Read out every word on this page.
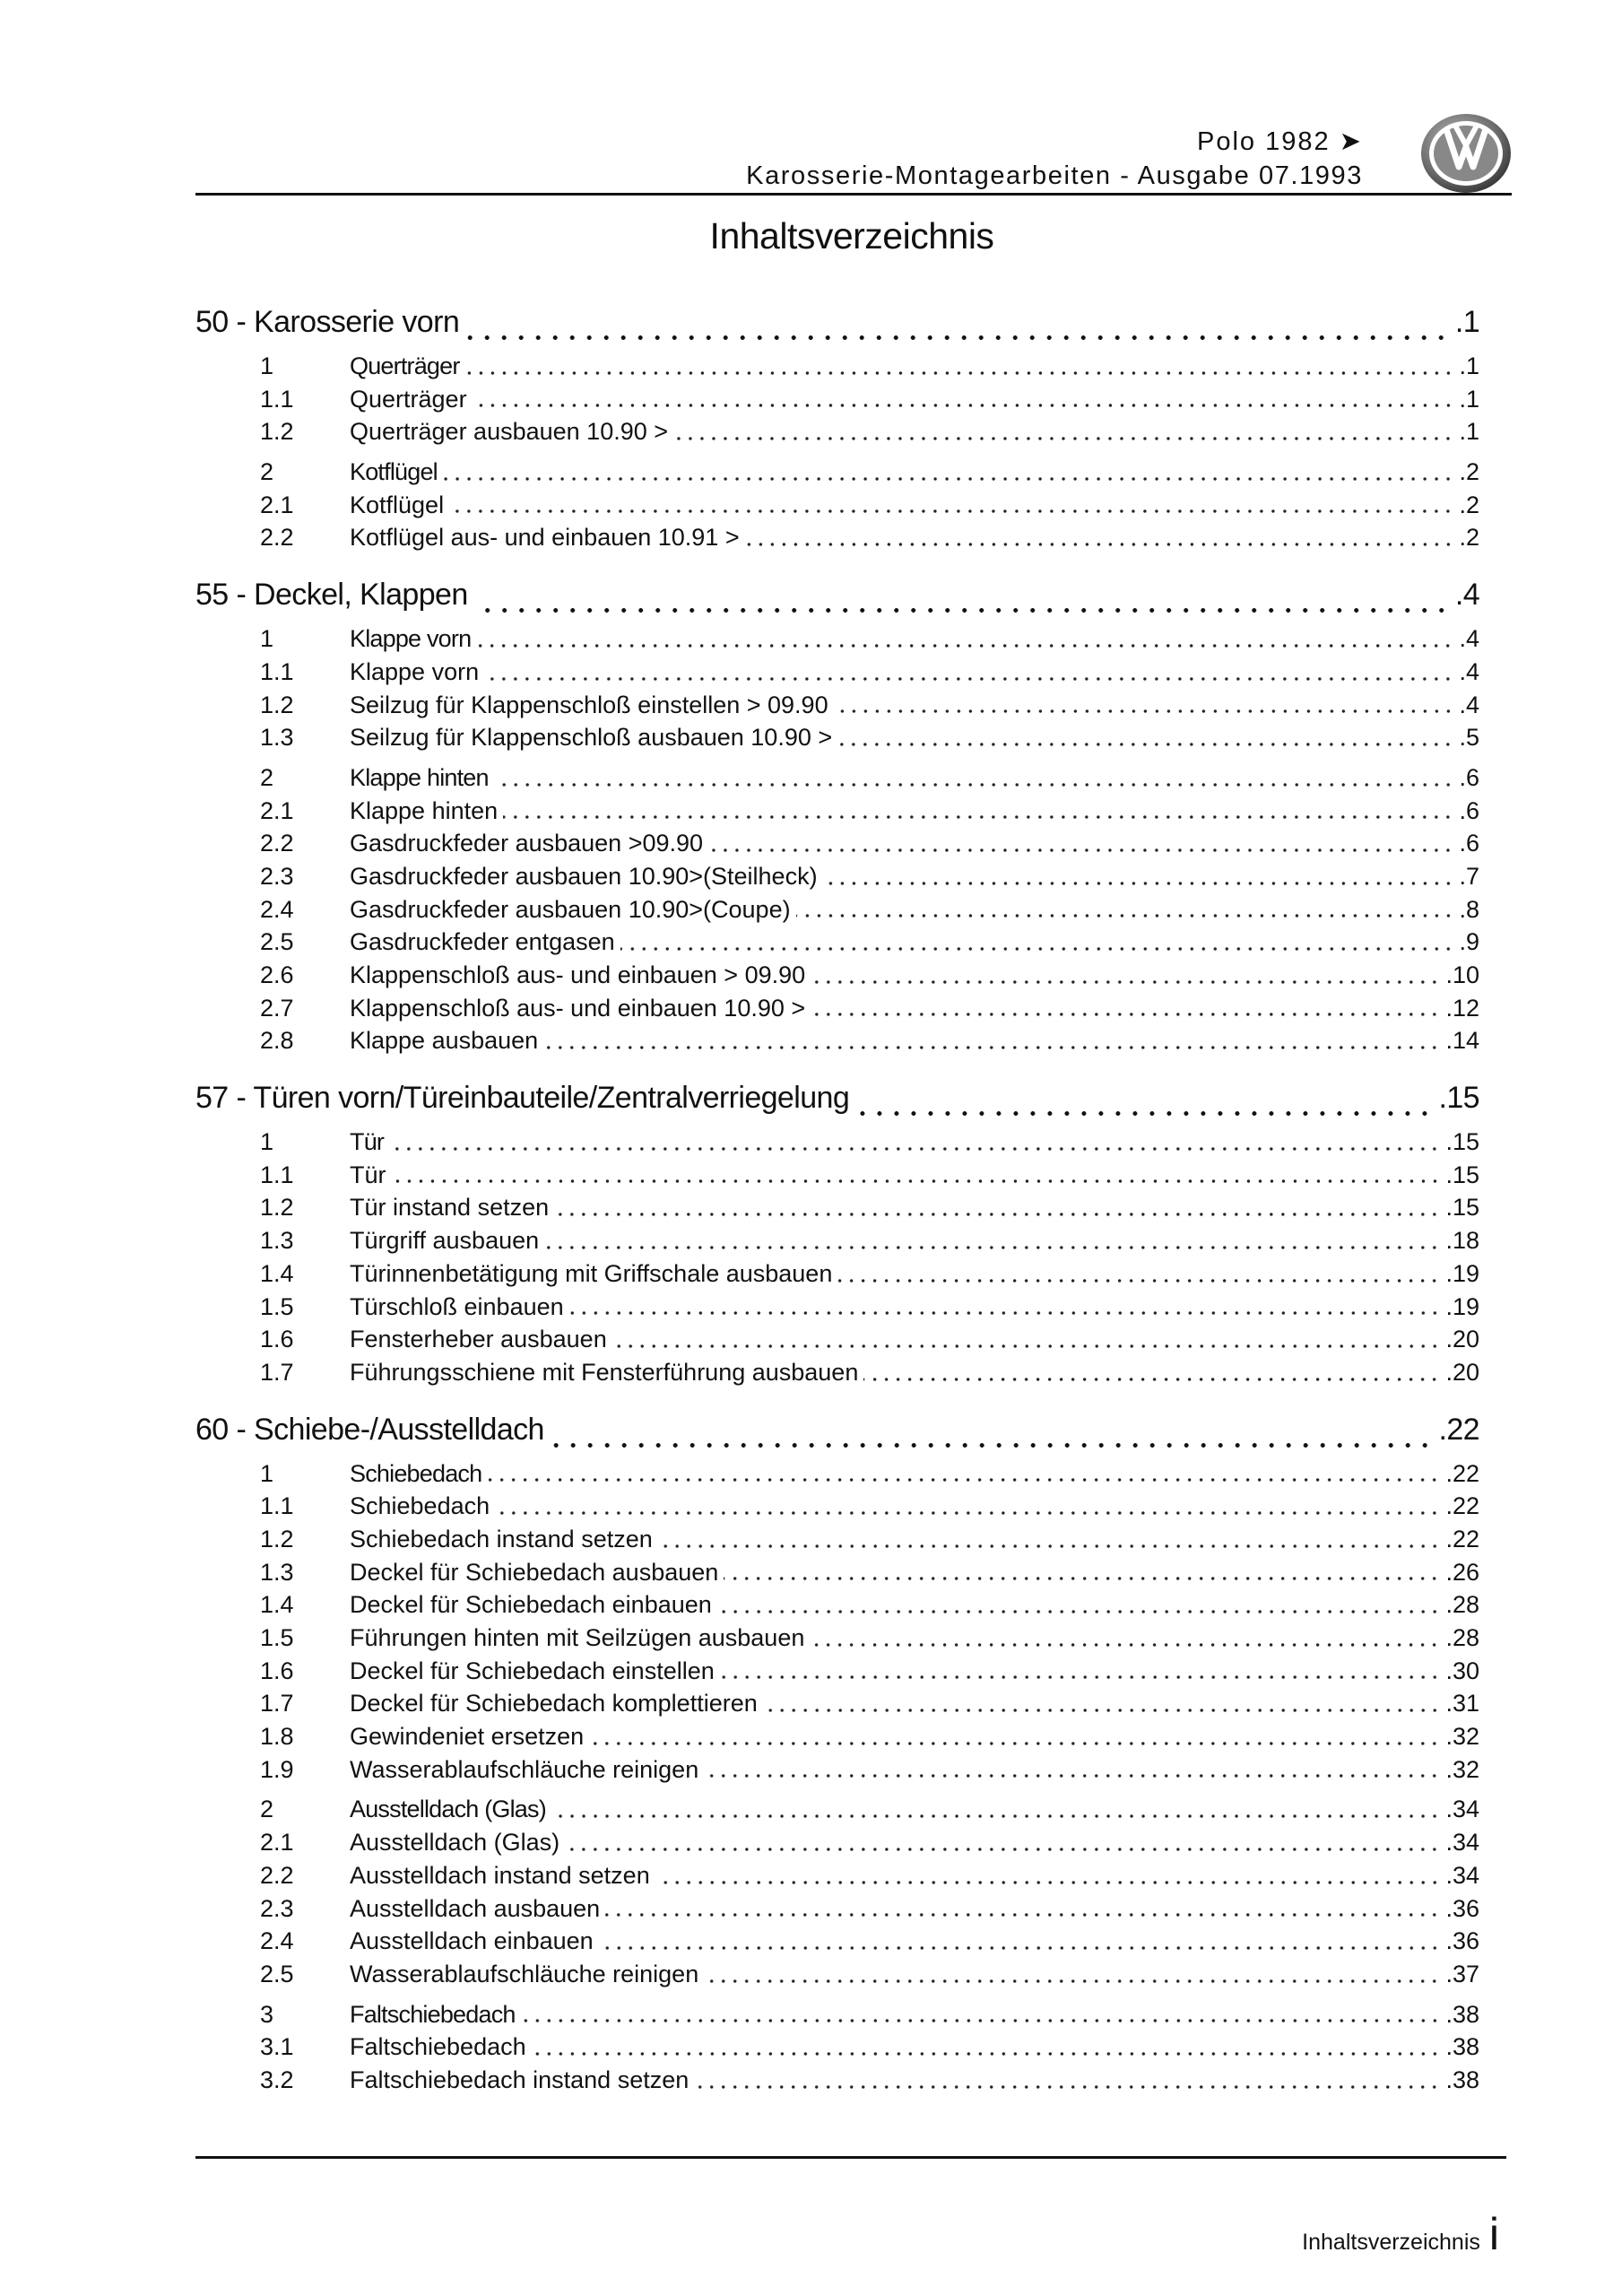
Polo 1982 ➤
Karosserie-Montagearbeiten - Ausgabe 07.1993
Inhaltsverzeichnis
50 - Karosserie vorn	.1
1	Querträger	.1
1.1	Querträger	.1
1.2	Querträger ausbauen 10.90 >	.1
2	Kotflügel	.2
2.1	Kotflügel	.2
2.2	Kotflügel aus- und einbauen 10.91 >	.2
55 - Deckel, Klappen	.4
1	Klappe vorn	.4
1.1	Klappe vorn	.4
1.2	Seilzug für Klappenschloß einstellen > 09.90	.4
1.3	Seilzug für Klappenschloß ausbauen 10.90 >	.5
2	Klappe hinten	.6
2.1	Klappe hinten	.6
2.2	Gasdruckfeder ausbauen >09.90	.6
2.3	Gasdruckfeder ausbauen 10.90>(Steilheck)	.7
2.4	Gasdruckfeder ausbauen 10.90>(Coupe)	.8
2.5	Gasdruckfeder entgasen	.9
2.6	Klappenschloß aus- und einbauen > 09.90	.10
2.7	Klappenschloß aus- und einbauen 10.90 >	.12
2.8	Klappe ausbauen	.14
57 - Türen vorn/Türeinbauteile/Zentralverriegelung	.15
1	Tür	.15
1.1	Tür	.15
1.2	Tür instand setzen	.15
1.3	Türgriff ausbauen	.18
1.4	Türinnenbetätigung mit Griffschale ausbauen	.19
1.5	Türschloß einbauen	.19
1.6	Fensterheber ausbauen	.20
1.7	Führungsschiene mit Fensterführung ausbauen	.20
60 - Schiebe-/Ausstelldach	.22
1	Schiebedach	.22
1.1	Schiebedach	.22
1.2	Schiebedach instand setzen	.22
1.3	Deckel für Schiebedach ausbauen	.26
1.4	Deckel für Schiebedach einbauen	.28
1.5	Führungen hinten mit Seilzügen ausbauen	.28
1.6	Deckel für Schiebedach einstellen	.30
1.7	Deckel für Schiebedach komplettieren	.31
1.8	Gewindeniet ersetzen	.32
1.9	Wasserablaufschläuche reinigen	.32
2	Ausstelldach (Glas)	.34
2.1	Ausstelldach (Glas)	.34
2.2	Ausstelldach instand setzen	.34
2.3	Ausstelldach ausbauen	.36
2.4	Ausstelldach einbauen	.36
2.5	Wasserablaufschläuche reinigen	.37
3	Faltschiebedach	.38
3.1	Faltschiebedach	.38
3.2	Faltschiebedach instand setzen	.38
Inhaltsverzeichnis i
